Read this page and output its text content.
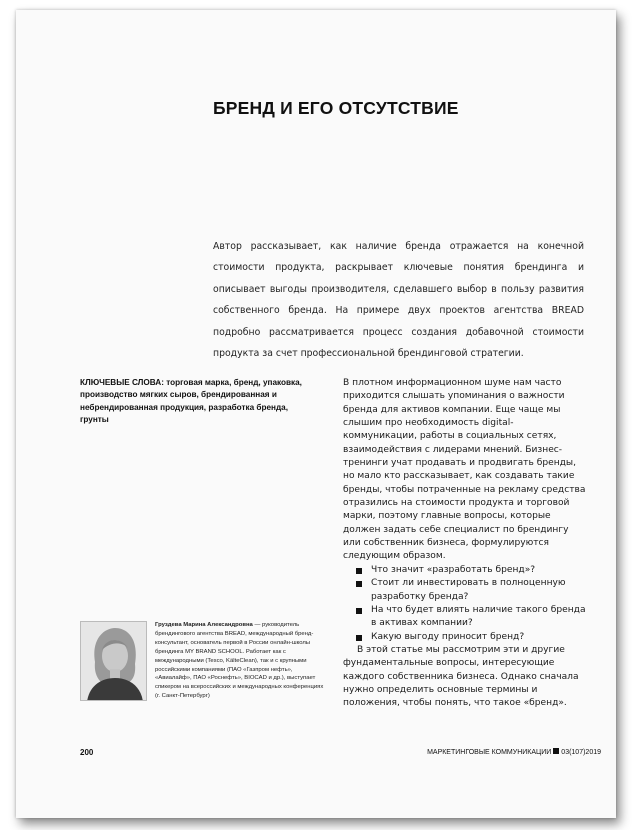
БРЕНД И ЕГО ОТСУТСТВИЕ

Автор рассказывает, как наличие бренда отражается на конечной стоимости продукта, раскрывает ключевые понятия брендинга и описывает выгоды производителя, сделавшего выбор в пользу развития собственного бренда. На примере двух проектов агентства BREAD подробно рассматривается процесс создания добавочной стоимости продукта за счет профессиональной брендинговой стратегии.

КЛЮЧЕВЫЕ СЛОВА: торговая марка, бренд, упаковка, производство мягких сыров, брендированная и небрендированная продукция, разработка бренда, грунты

В плотном информационном шуме нам часто приходится слышать упоминания о важности бренда для активов компании. Еще чаще мы слышим про необходимость digital-коммуникации, работы в социальных сетях, взаимодействия с лидерами мнений. Бизнес-тренинги учат продавать и продвигать бренды, но мало кто рассказывает, как создавать такие бренды, чтобы потраченные на рекламу средства отразились на стоимости продукта и торговой марки, поэтому главные вопросы, которые должен задать себе специалист по брендингу или собственник бизнеса, формулируются следующим образом.

Что значит «разработать бренд»?
Стоит ли инвестировать в полноценную разработку бренда?
На что будет влиять наличие такого бренда в активах компании?
Какую выгоду приносит бренд?

В этой статье мы рассмотрим эти и другие фундаментальные вопросы, интересующие каждого собственника бизнеса. Однако сначала нужно определить основные термины и положения, чтобы понять, что такое «бренд».

Груздева Марина Александровна — руководитель брендингового агентства BREAD, международный бренд-консультант, основатель первой в России онлайн-школы брендинга MY BRAND SCHOOL. Работает как с международными (Tesco, KälteClean), так и с крупными российскими компаниями (ПАО «Газпром нефть», «Авиалайф», ПАО «Роснефть», BIOCAD и др.), выступает спикером на всероссийских и международных конференциях (г. Санкт-Петербург)

200	МАРКЕТИНГОВЫЕ КОММУНИКАЦИИ 03(107)2019
